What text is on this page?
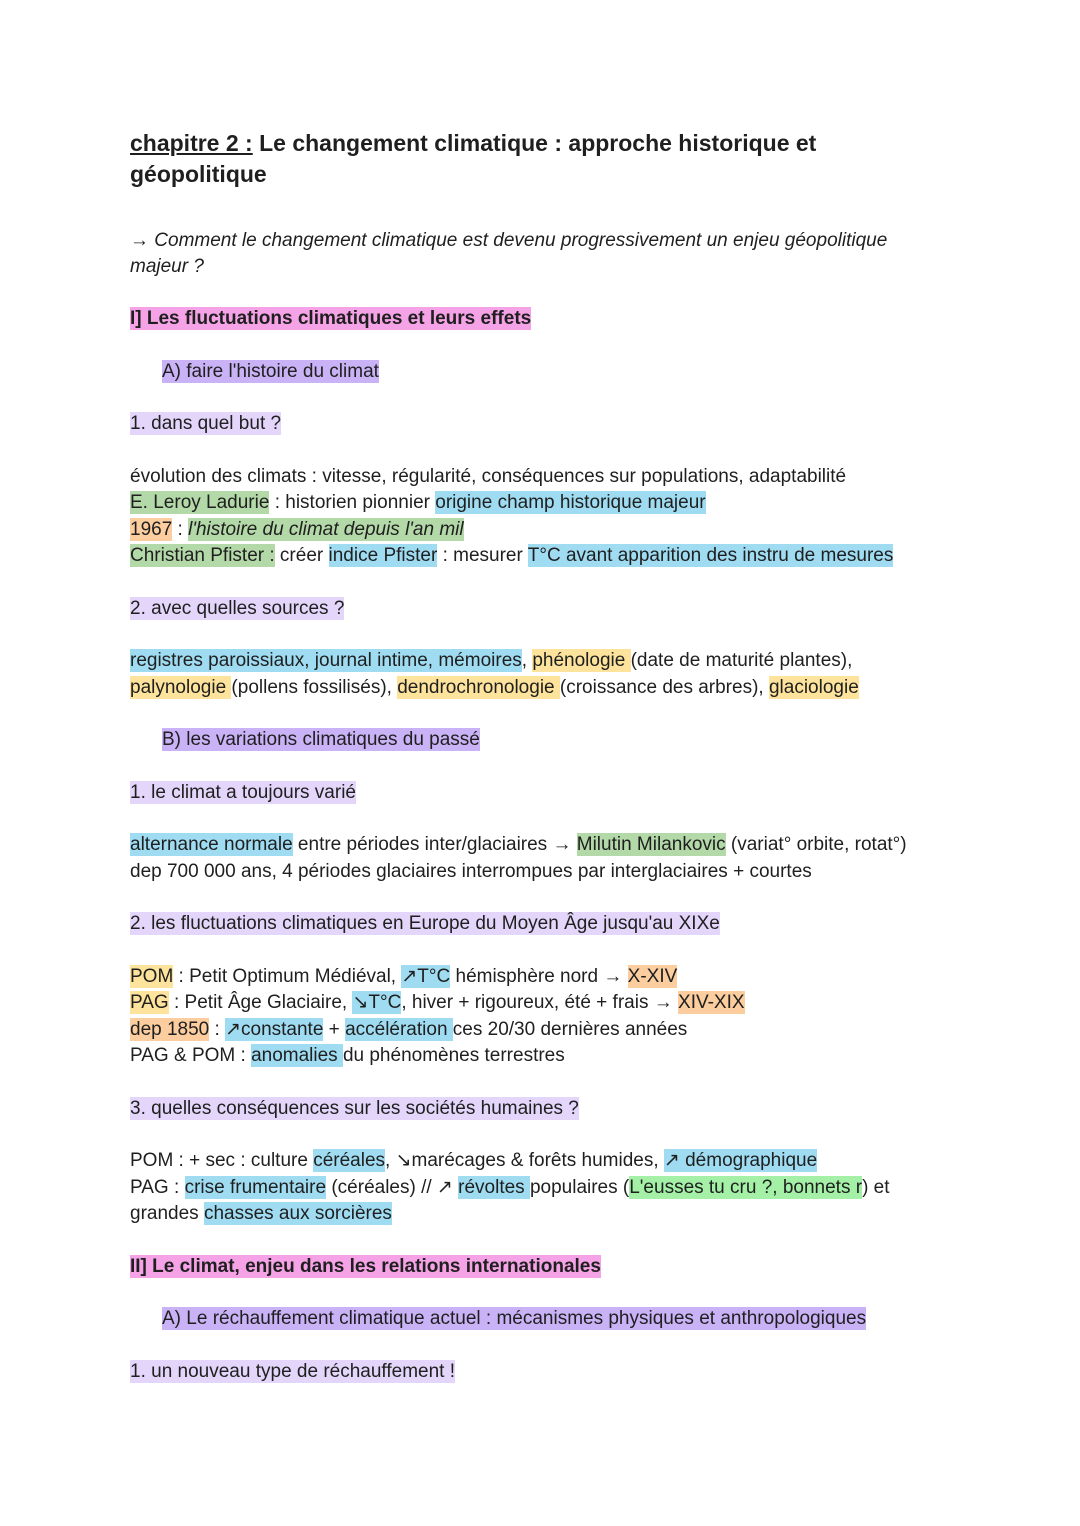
chapitre 2 : Le changement climatique : approche historique et
géopolitique
→ Comment le changement climatique est devenu progressivement un enjeu géopolitique
majeur ?
I] Les fluctuations climatiques et leurs effets
A) faire l'histoire du climat
1. dans quel but ?
évolution des climats : vitesse, régularité, conséquences sur populations, adaptabilité
E. Leroy Ladurie : historien pionnier origine champ historique majeur
1967 : l'histoire du climat depuis l'an mil
Christian Pfister : créer indice Pfister : mesurer T°C avant apparition des instru de mesures
2. avec quelles sources ?
registres paroissiaux, journal intime, mémoires, phénologie (date de maturité plantes),
palynologie (pollens fossilisés), dendrochronologie (croissance des arbres), glaciologie
B) les variations climatiques du passé
1. le climat a toujours varié
alternance normale entre périodes inter/glaciaires → Milutin Milankovic (variat° orbite, rotat°)
dep 700 000 ans, 4 périodes glaciaires interrompues par interglaciaires + courtes
2. les fluctuations climatiques en Europe du Moyen Âge jusqu'au XIXe
POM : Petit Optimum Médiéval, ↗T°C hémisphère nord → X-XIV
PAG : Petit Âge Glaciaire, ↘T°C, hiver + rigoureux, été + frais → XIV-XIX
dep 1850 : ↗constante + accélération ces 20/30 dernières années
PAG & POM : anomalies du phénomènes terrestres
3. quelles conséquences sur les sociétés humaines ?
POM : + sec : culture céréales, ↘marécages & forêts humides, ↗ démographique
PAG : crise frumentaire (céréales) // ↗ révoltes populaires (L'eusses tu cru ?, bonnets r) et
grandes chasses aux sorcières
II] Le climat, enjeu dans les relations internationales
A) Le réchauffement climatique actuel : mécanismes physiques et anthropologiques
1. un nouveau type de réchauffement !
